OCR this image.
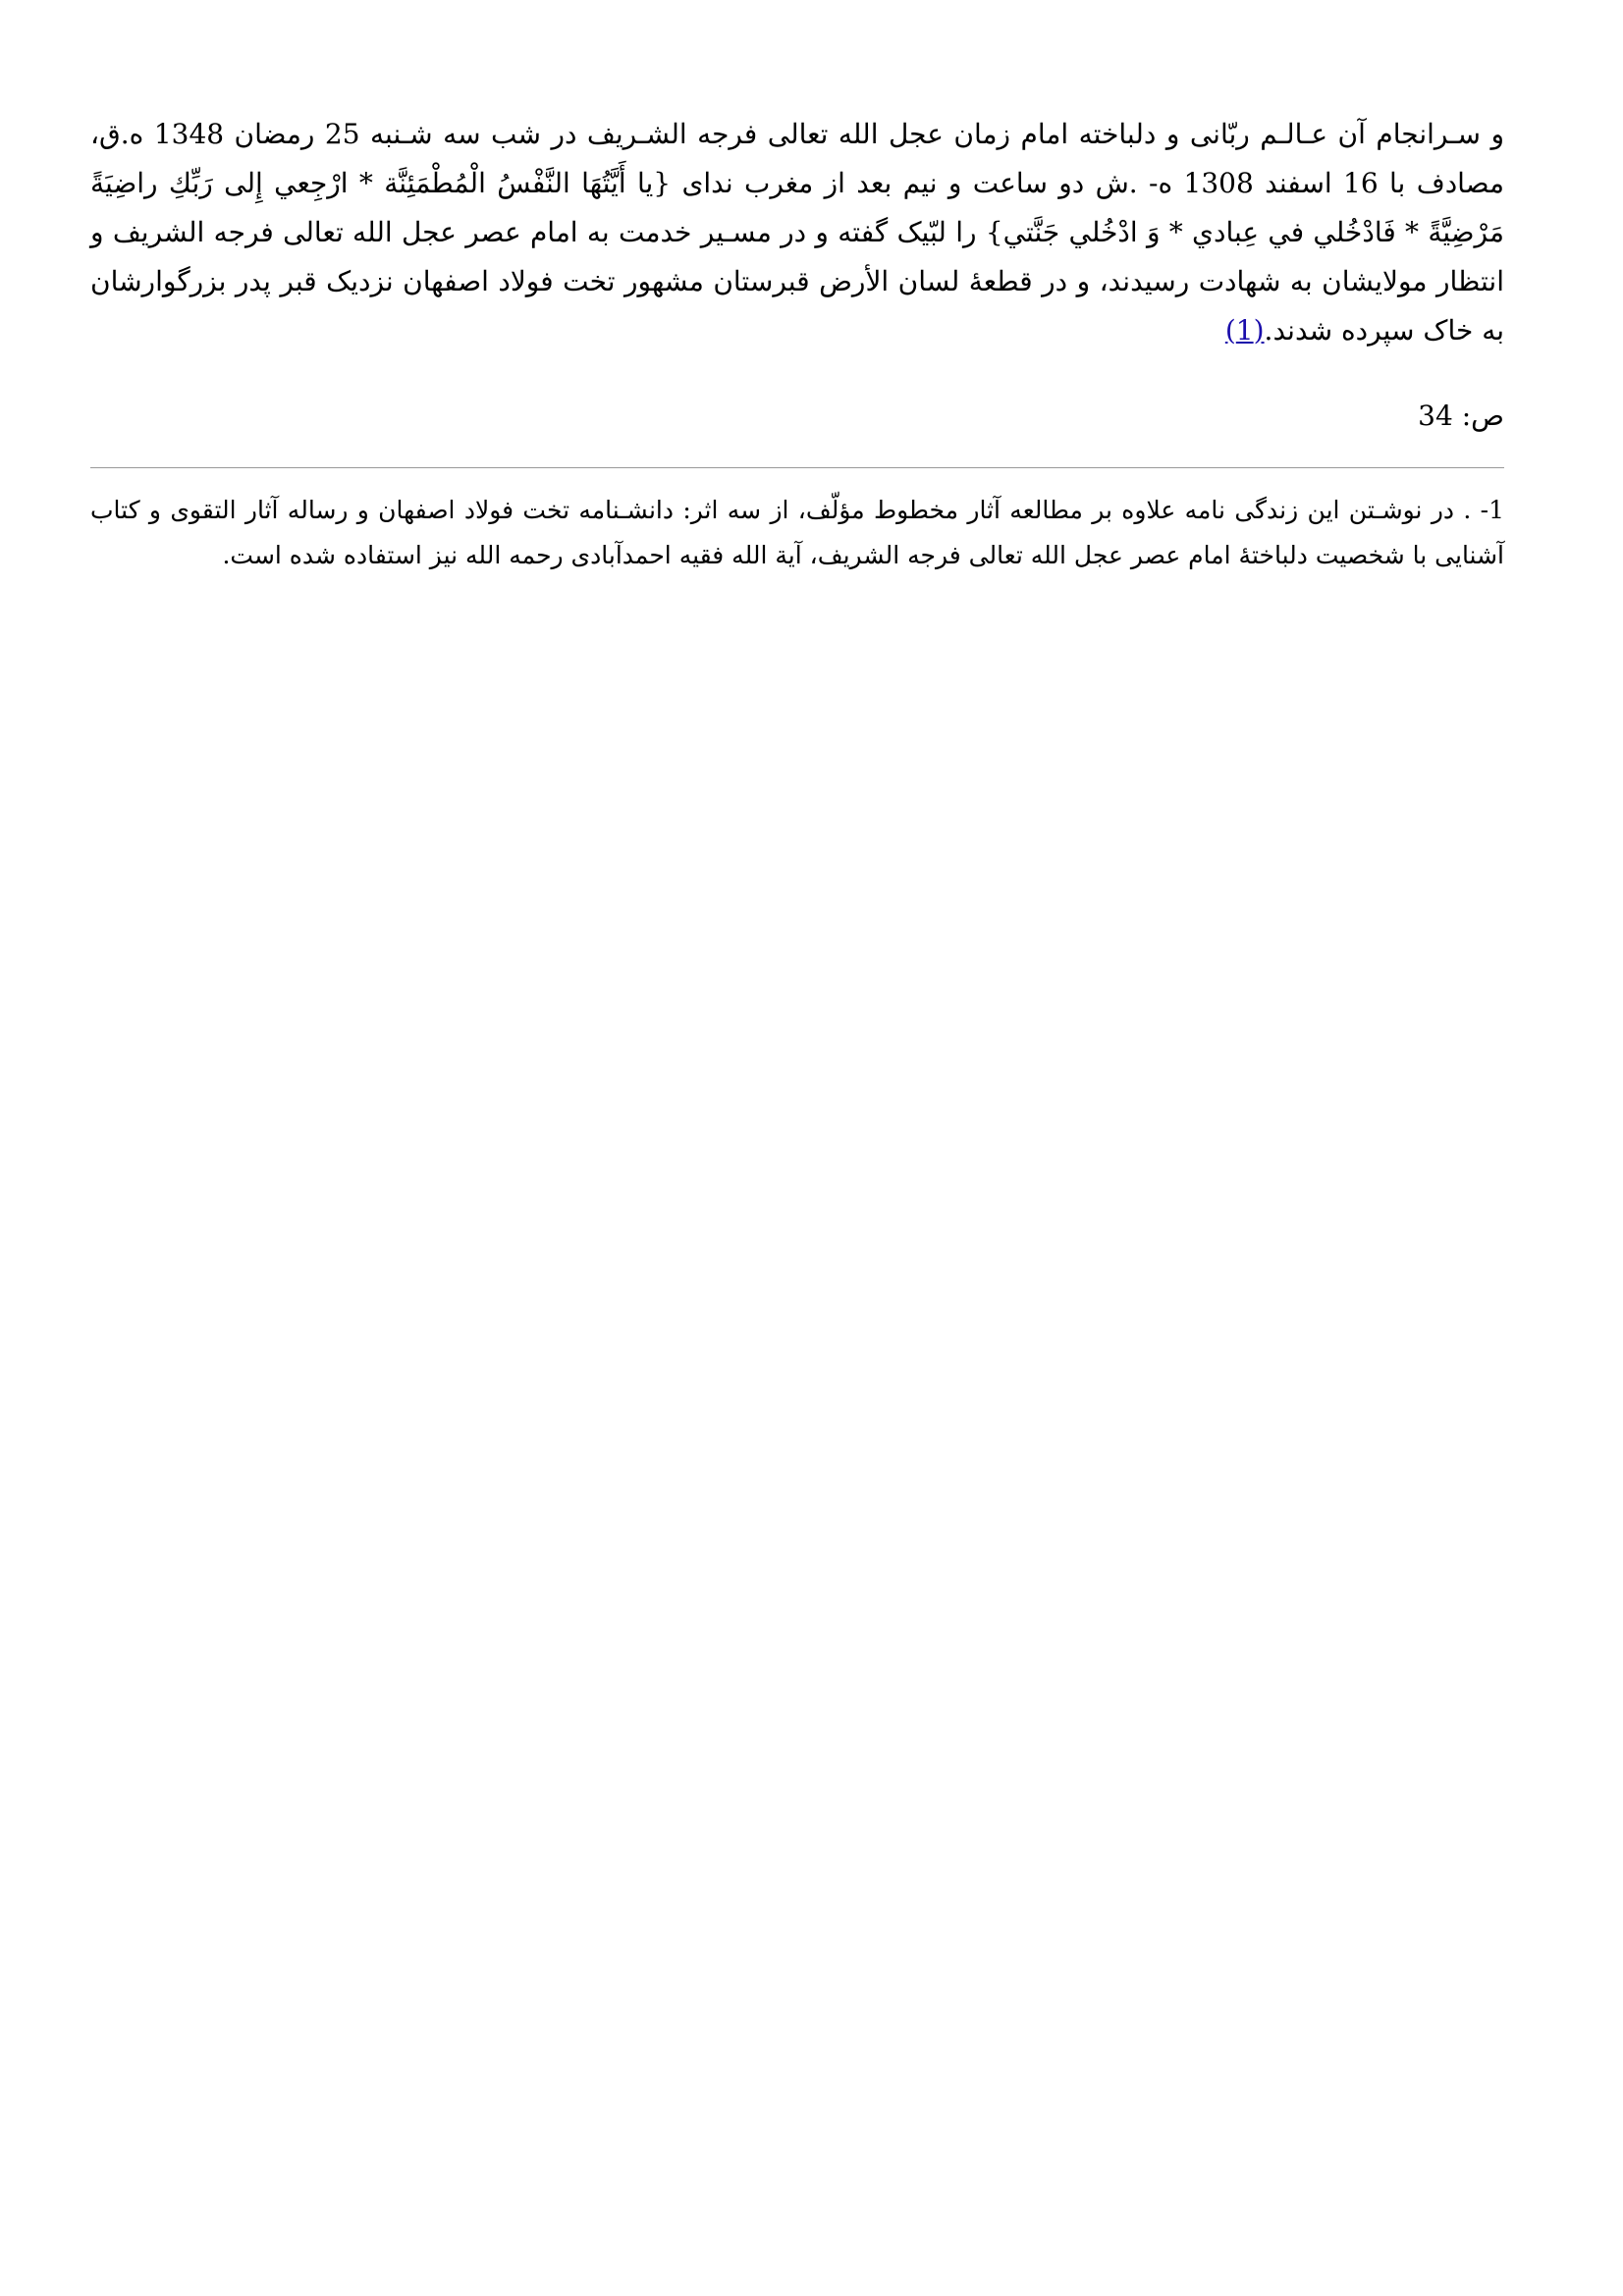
و سـرانجام آن عـالـم ربّانی و دلباخته امام زمان عجل الله تعالی فرجه الشـریف در شب سه شـنبه 25 رمضان 1348 ه.ق، مصادف با 16 اسفند 1308 ه- .ش دو ساعت و نیم بعد از مغرب ندای {یا أَیَّتُهَا النَّفْسُ الْمُطْمَئِنَّة * ارْجِعي إِلى رَبِّكِ راضِیَةً مَرْضِیَّةً * فَادْخُلي في عِبادي * وَ ادْخُلي جَنَّتي} را لبّیک گفته و در مسـیر خدمت به امام عصر عجل الله تعالی فرجه الشریف و انتظار مولایشان به شهادت رسیدند، و در قطعهٔ لسان الأرض قبرستان مشهور تخت فولاد اصفهان نزدیک قبر پدر بزرگوارشان به خاک سپرده شدند.(1)

ص: 34

1- . در نوشـتن این زندگی نامه علاوه بر مطالعه آثار مخطوط مؤلّف، از سه اثر: دانشـنامه تخت فولاد اصفهان و رساله آثار التقوی و کتاب آشنایی با شخصیت دلباختهٔ امام عصر عجل الله تعالی فرجه الشریف، آیة الله فقیه احمدآبادی رحمه الله نیز استفاده شده است.
